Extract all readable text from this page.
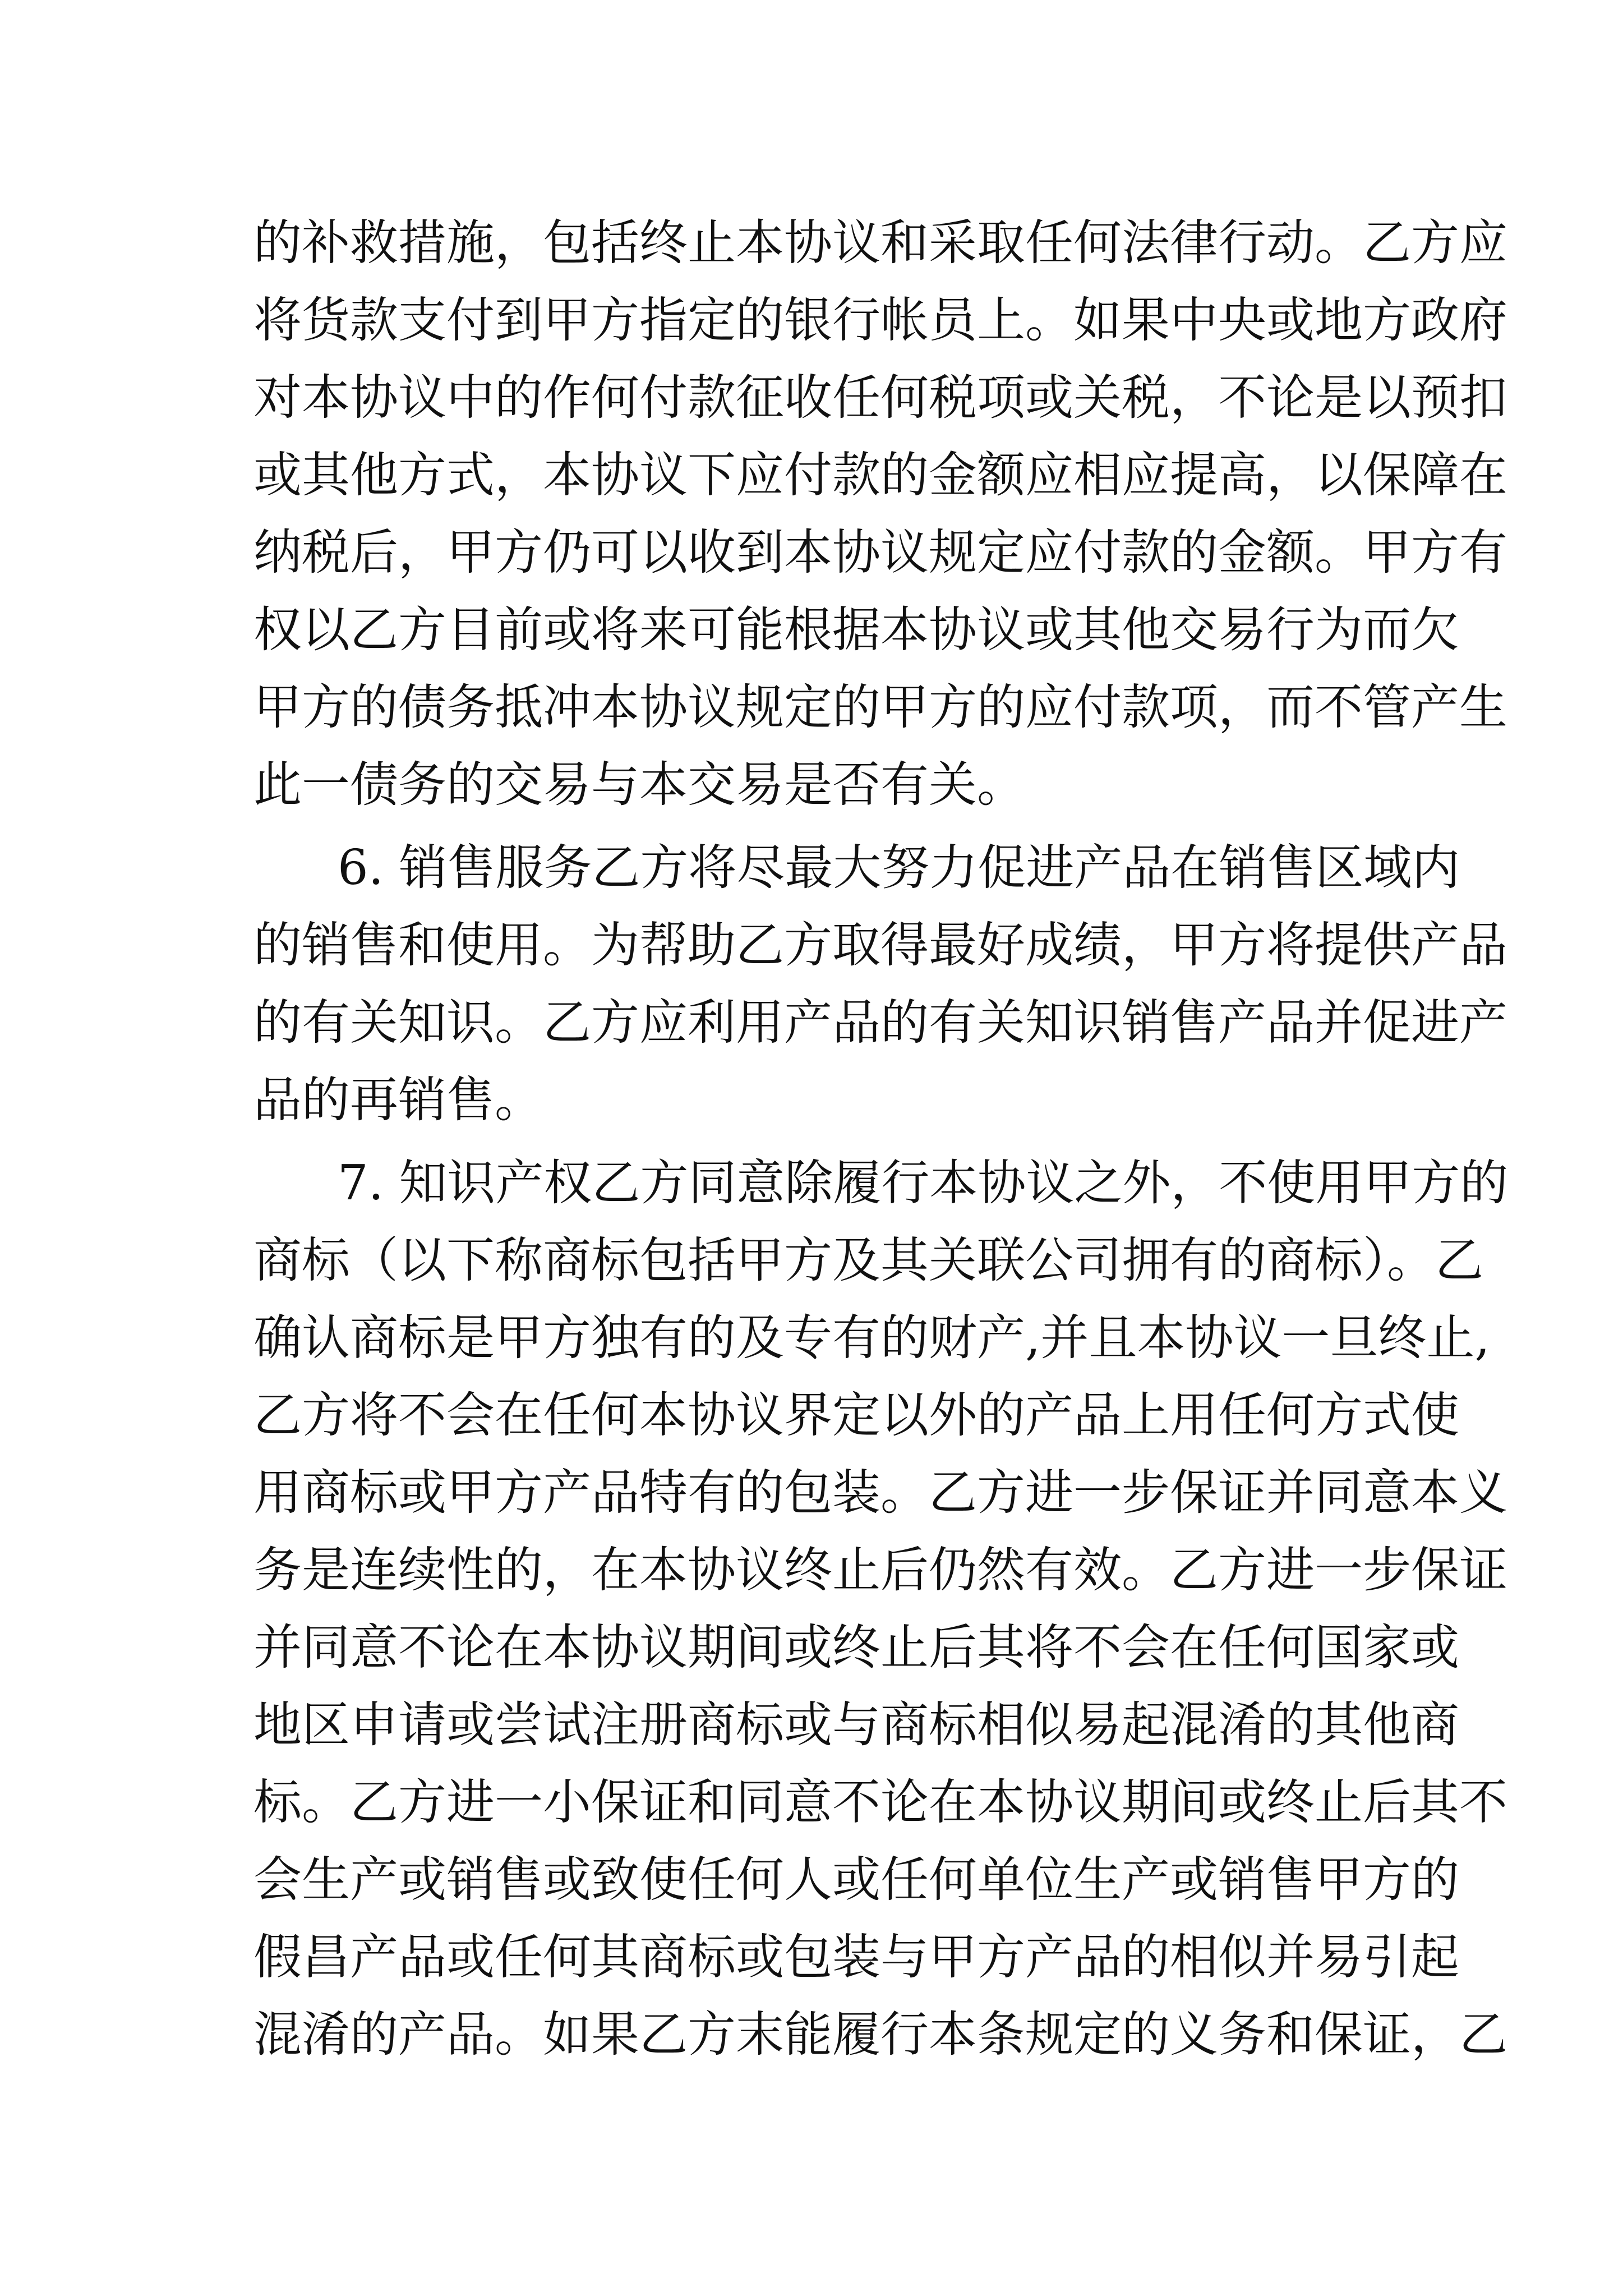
的补救措施，包括终止本协议和采取任何法律行动。乙方应
将货款支付到甲方指定的银行帐员上。如果中央或地方政府
对本协议中的作何付款征收任何税项或关税，不论是以预扣
或其他方式，本协议下应付款的金额应相应提高，以保障在
纳税后，甲方仍可以收到本协议规定应付款的金额。甲方有
权以乙方目前或将来可能根据本协议或其他交易行为而欠
甲方的债务抵冲本协议规定的甲方的应付款项，而不管产生
此一债务的交易与本交易是否有关。
6. 销售服务乙方将尽最大努力促进产品在销售区域内
的销售和使用。为帮助乙方取得最好成绩，甲方将提供产品
的有关知识。乙方应利用产品的有关知识销售产品并促进产
品的再销售。
7. 知识产权乙方同意除履行本协议之外，不使用甲方的
商标（以下称商标包括甲方及其关联公司拥有的商标）。乙
确认商标是甲方独有的及专有的财产,并且本协议一旦终止,
乙方将不会在任何本协议界定以外的产品上用任何方式使
用商标或甲方产品特有的包装。乙方进一步保证并同意本义
务是连续性的，在本协议终止后仍然有效。乙方进一步保证
并同意不论在本协议期间或终止后其将不会在任何国家或
地区申请或尝试注册商标或与商标相似易起混淆的其他商
标。乙方进一小保证和同意不论在本协议期间或终止后其不
会生产或销售或致使任何人或任何单位生产或销售甲方的
假昌产品或任何其商标或包装与甲方产品的相似并易引起
混淆的产品。如果乙方末能履行本条规定的义务和保证，乙
